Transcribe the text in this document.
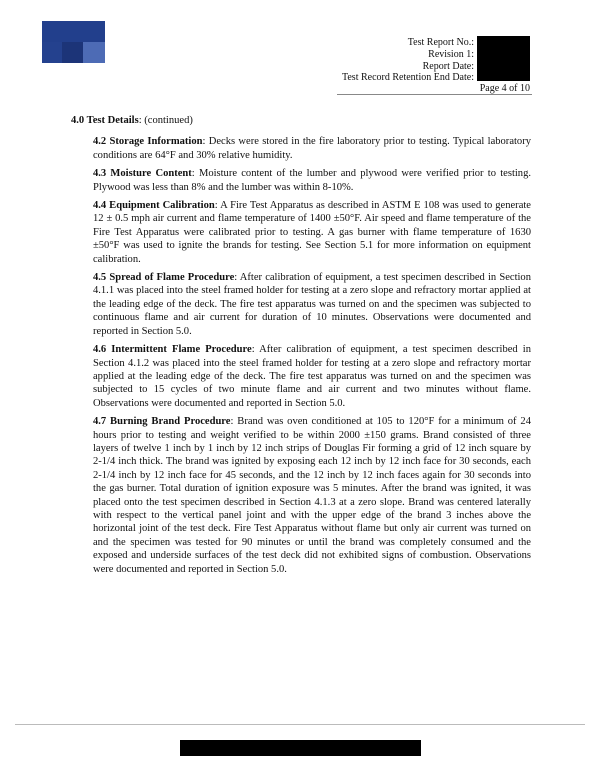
Test Report No.:
Revision 1:
Report Date:
Test Record Retention End Date:
Page 4 of 10

4.0 Test Details: (continued)

4.2 Storage Information: Decks were stored in the fire laboratory prior to testing. Typical laboratory conditions are 64°F and 30% relative humidity.

4.3 Moisture Content: Moisture content of the lumber and plywood were verified prior to testing. Plywood was less than 8% and the lumber was within 8-10%.

4.4 Equipment Calibration: A Fire Test Apparatus as described in ASTM E 108 was used to generate 12 ± 0.5 mph air current and flame temperature of 1400 ±50°F. Air speed and flame temperature of the Fire Test Apparatus were calibrated prior to testing. A gas burner with flame temperature of 1630 ±50°F was used to ignite the brands for testing. See Section 5.1 for more information on equipment calibration.

4.5 Spread of Flame Procedure: After calibration of equipment, a test specimen described in Section 4.1.1 was placed into the steel framed holder for testing at a zero slope and refractory mortar applied at the leading edge of the deck. The fire test apparatus was turned on and the specimen was subjected to continuous flame and air current for duration of 10 minutes. Observations were documented and reported in Section 5.0.

4.6 Intermittent Flame Procedure: After calibration of equipment, a test specimen described in Section 4.1.2 was placed into the steel framed holder for testing at a zero slope and refractory mortar applied at the leading edge of the deck. The fire test apparatus was turned on and the specimen was subjected to 15 cycles of two minute flame and air current and two minutes without flame. Observations were documented and reported in Section 5.0.

4.7 Burning Brand Procedure: Brand was oven conditioned at 105 to 120°F for a minimum of 24 hours prior to testing and weight verified to be within 2000 ±150 grams. Brand consisted of three layers of twelve 1 inch by 1 inch by 12 inch strips of Douglas Fir forming a grid of 12 inch square by 2-1/4 inch thick. The brand was ignited by exposing each 12 inch by 12 inch face for 30 seconds, each 2-1/4 inch by 12 inch face for 45 seconds, and the 12 inch by 12 inch faces again for 30 seconds into the gas burner. Total duration of ignition exposure was 5 minutes. After the brand was ignited, it was placed onto the test specimen described in Section 4.1.3 at a zero slope. Brand was centered laterally with respect to the vertical panel joint and with the upper edge of the brand 3 inches above the horizontal joint of the test deck. Fire Test Apparatus without flame but only air current was turned on and the specimen was tested for 90 minutes or until the brand was completely consumed and the exposed and underside surfaces of the test deck did not exhibited signs of combustion. Observations were documented and reported in Section 5.0.
